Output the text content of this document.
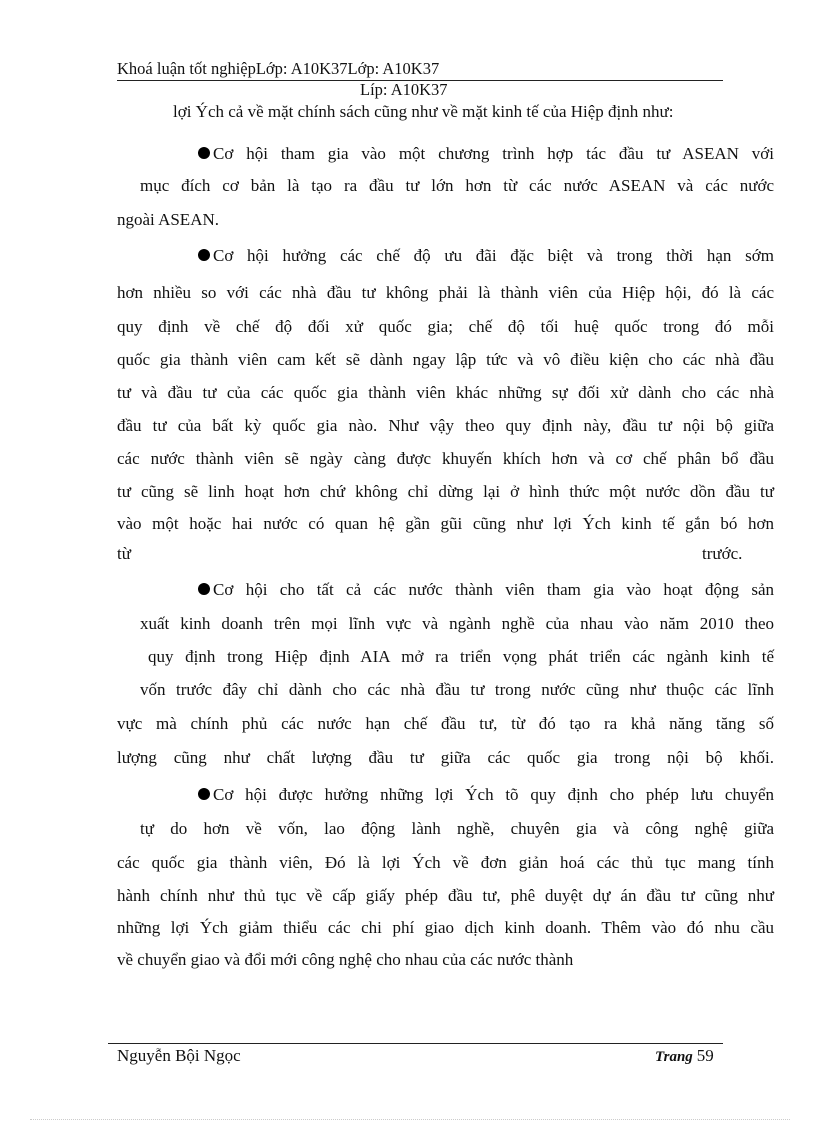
Khoá luận tốt nghiệpLớp: A10K37Lớp: A10K37
Líp: A10K37
lợi Ých cả về mặt chính sách cũng như về mặt kinh tế của Hiệp định như:
Cơ hội tham gia vào một chương trình hợp tác đầu tư ASEAN với
mục đích cơ bản là tạo ra đầu tư lớn hơn từ các nước ASEAN và các nước
ngoài ASEAN.
Cơ hội hưởng các chế độ ưu đãi đặc biệt và trong thời hạn sớm
hơn nhiều so với các nhà đầu tư không phải là thành viên của Hiệp hội, đó là các
quy định về chế độ đối xử quốc gia; chế độ tối huệ quốc trong đó mỗi
quốc gia thành viên cam kết sẽ dành ngay lập tức và vô điều kiện cho các nhà đầu
tư và đầu tư của các quốc gia thành viên khác những sự đối xử dành cho các nhà
đầu tư của bất kỳ quốc gia nào. Như vậy theo quy định này, đầu tư nội bộ giữa
các nước thành viên sẽ ngày càng được khuyến khích hơn và cơ chế phân bổ đầu
tư cũng sẽ linh hoạt hơn chứ không chỉ dừng lại ở hình thức một nước dồn đầu tư
vào một hoặc hai nước có quan hệ gần gũi cũng như lợi Ých kinh tế gắn bó hơn
từ	trước.
Cơ hội cho tất cả các nước thành viên tham gia vào hoạt động sản
xuất kinh doanh trên mọi lĩnh vực và ngành nghề của nhau vào năm 2010 theo
quy định trong Hiệp định AIA mở ra triển vọng phát triển các ngành kinh tế
vốn trước đây chỉ dành cho các nhà đầu tư trong nước cũng như thuộc các lĩnh
vực mà chính phủ các nước hạn chế đầu tư, từ đó tạo ra khả năng tăng số
lượng cũng như chất lượng đầu tư giữa các quốc gia trong nội bộ khối.
Cơ hội được hưởng những lợi Ých tõ quy định cho phép lưu chuyển
tự do hơn về vốn, lao động lành nghề, chuyên gia và công nghệ giữa
các quốc gia thành viên, Đó là lợi Ých về đơn giản hoá các thủ tục mang tính
hành chính như thủ tục về cấp giấy phép đầu tư, phê duyệt dự án đầu tư cũng như
những lợi Ých giảm thiểu các chi phí giao dịch kinh doanh. Thêm vào đó nhu cầu
về chuyển giao và đổi mới công nghệ cho nhau của các nước thành
Nguyễn Bội Ngọc	Trang 59
